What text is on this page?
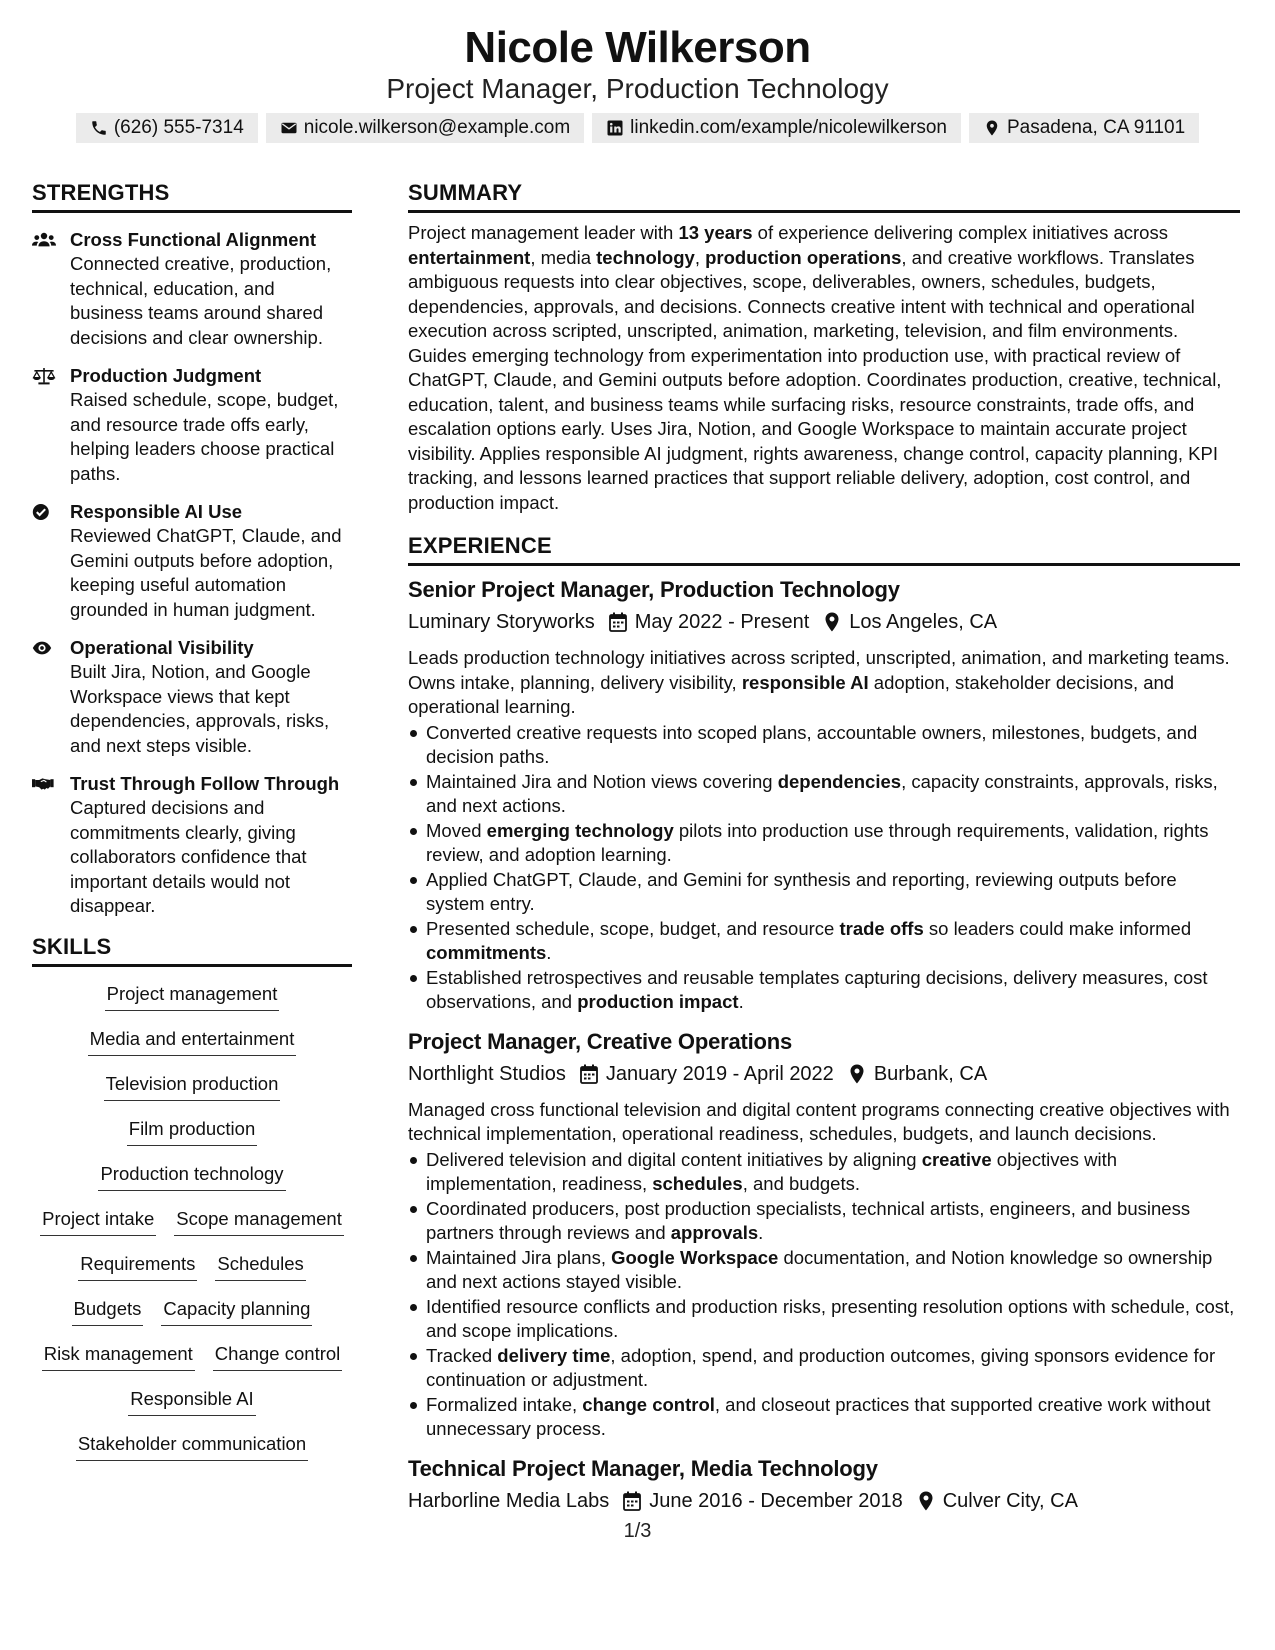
Nicole Wilkerson
Project Manager, Production Technology
(626) 555-7314	nicole.wilkerson@example.com	linkedin.com/example/nicolewilkerson	Pasadena, CA 91101
STRENGTHS
Cross Functional Alignment
Connected creative, production, technical, education, and business teams around shared decisions and clear ownership.
Production Judgment
Raised schedule, scope, budget, and resource trade offs early, helping leaders choose practical paths.
Responsible AI Use
Reviewed ChatGPT, Claude, and Gemini outputs before adoption, keeping useful automation grounded in human judgment.
Operational Visibility
Built Jira, Notion, and Google Workspace views that kept dependencies, approvals, risks, and next steps visible.
Trust Through Follow Through
Captured decisions and commitments clearly, giving collaborators confidence that important details would not disappear.
SKILLS
Project management
Media and entertainment
Television production
Film production
Production technology
Project intake Scope management
Requirements Schedules
Budgets Capacity planning
Risk management Change control
Responsible AI
Stakeholder communication
SUMMARY

Project management leader with 13 years of experience delivering complex initiatives across entertainment, media technology, production operations, and creative workflows. Translates ambiguous requests into clear objectives, scope, deliverables, owners, schedules, budgets, dependencies, approvals, and decisions. Connects creative intent with technical and operational execution across scripted, unscripted, animation, marketing, television, and film environments. Guides emerging technology from experimentation into production use, with practical review of ChatGPT, Claude, and Gemini outputs before adoption. Coordinates production, creative, technical, education, talent, and business teams while surfacing risks, resource constraints, trade offs, and escalation options early. Uses Jira, Notion, and Google Workspace to maintain accurate project visibility. Applies responsible AI judgment, rights awareness, change control, capacity planning, KPI tracking, and lessons learned practices that support reliable delivery, adoption, cost control, and production impact.

EXPERIENCE
Senior Project Manager, Production Technology
Luminary Storyworks May 2022 - Present Los Angeles, CA
Leads production technology initiatives across scripted, unscripted, animation, and marketing teams. Owns intake, planning, delivery visibility, responsible AI adoption, stakeholder decisions, and operational learning.
Converted creative requests into scoped plans, accountable owners, milestones, budgets, and decision paths.
Maintained Jira and Notion views covering dependencies, capacity constraints, approvals, risks, and next actions.
Moved emerging technology pilots into production use through requirements, validation, rights review, and adoption learning.
Applied ChatGPT, Claude, and Gemini for synthesis and reporting, reviewing outputs before system entry.
Presented schedule, scope, budget, and resource trade offs so leaders could make informed commitments.
Established retrospectives and reusable templates capturing decisions, delivery measures, cost observations, and production impact.
Project Manager, Creative Operations
Northlight Studios January 2019 - April 2022 Burbank, CA
Managed cross functional television and digital content programs connecting creative objectives with technical implementation, operational readiness, schedules, budgets, and launch decisions.
Delivered television and digital content initiatives by aligning creative objectives with implementation, readiness, schedules, and budgets.
Coordinated producers, post production specialists, technical artists, engineers, and business partners through reviews and approvals.
Maintained Jira plans, Google Workspace documentation, and Notion knowledge so ownership and next actions stayed visible.
Identified resource conflicts and production risks, presenting resolution options with schedule, cost, and scope implications.
Tracked delivery time, adoption, spend, and production outcomes, giving sponsors evidence for continuation or adjustment.
Formalized intake, change control, and closeout practices that supported creative work without unnecessary process.
Technical Project Manager, Media Technology
Harborline Media Labs June 2016 - December 2018 Culver City, CA
1/3
